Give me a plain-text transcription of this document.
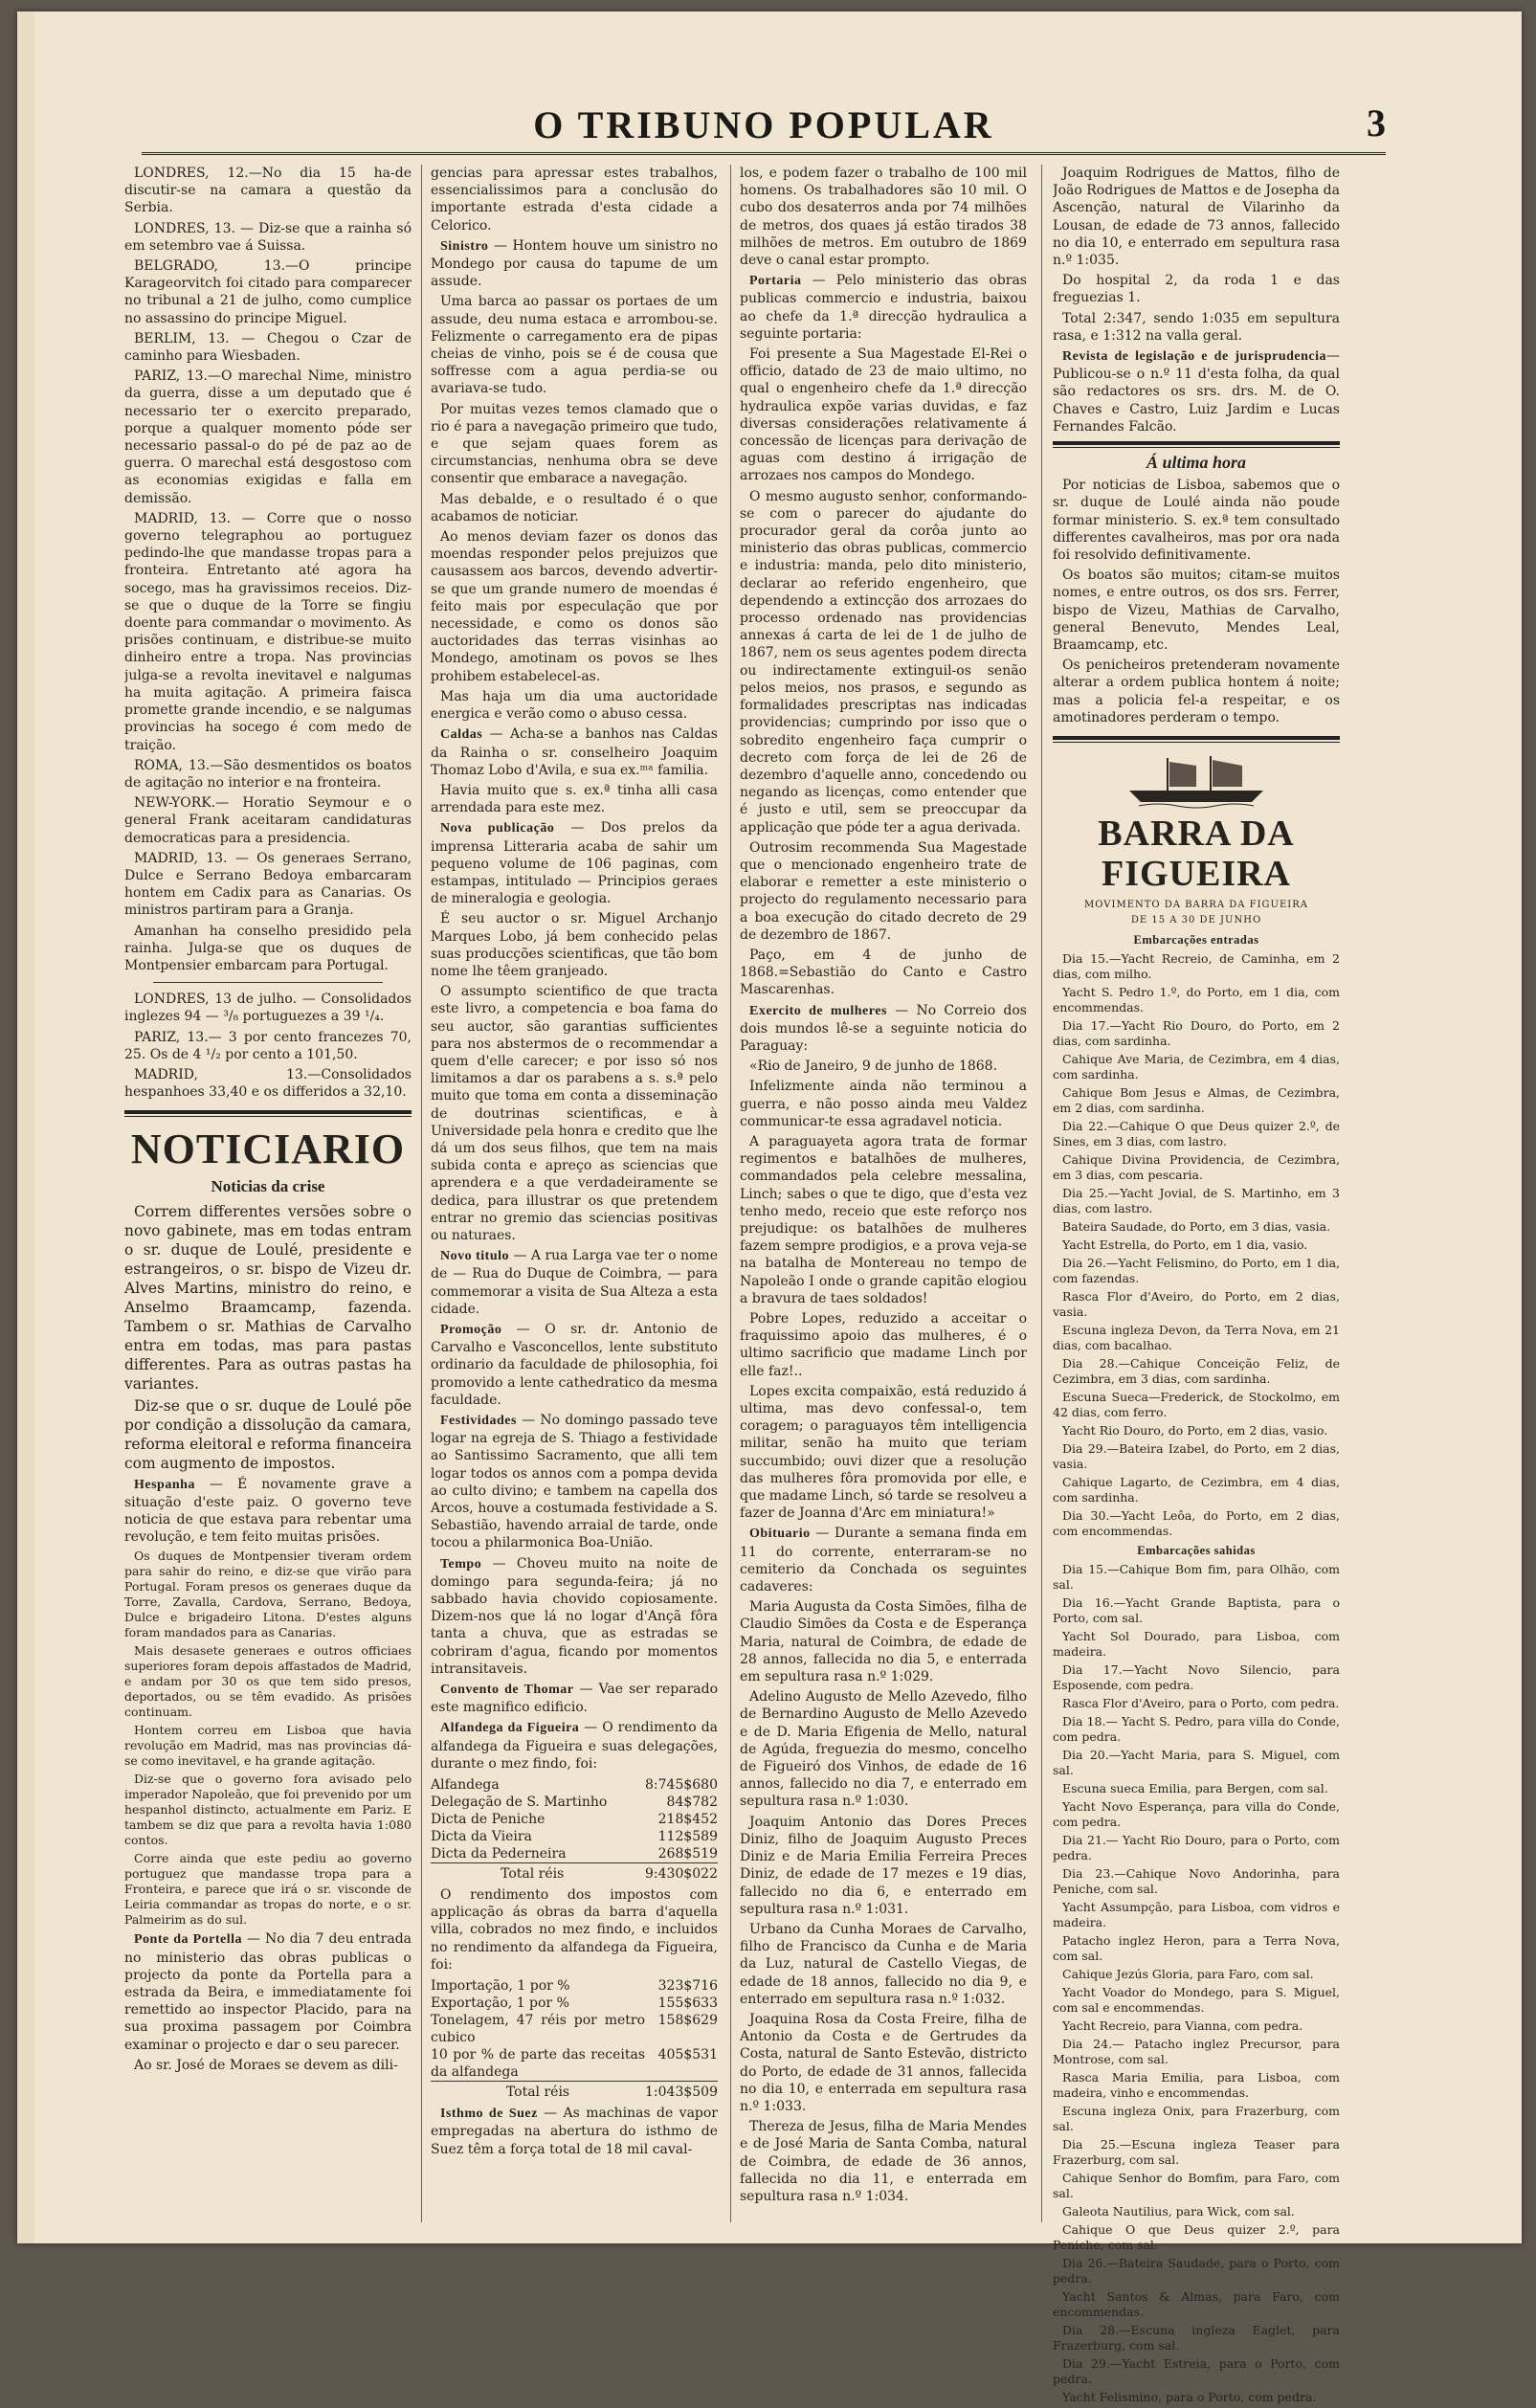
O TRIBUNO POPULAR	3

LONDRES, 12.—No dia 15 ha-de discutir-se na camara a questão da Serbia.

LONDRES, 13. — Diz-se que a rainha só em setembro vae á Suissa.

BELGRADO, 13.—O principe Karageorvitch foi citado para comparecer no tribunal a 21 de julho, como cumplice no assassino do principe Miguel.

BERLIM, 13. — Chegou o Czar de caminho para Wiesbaden.

PARIZ, 13.—O marechal Nime, ministro da guerra, disse a um deputado que é necessario ter o exercito preparado, porque a qualquer momento póde ser necessario passal-o do pé de paz ao de guerra. O marechal está desgostoso com as economias exigidas e falla em demissão.

MADRID, 13. — Corre que o nosso governo telegraphou ao portuguez pedindo-lhe que mandasse tropas para a fronteira. Entretanto até agora ha socego, mas ha gravissimos receios. Diz-se que o duque de la Torre se fingiu doente para commandar o movimento. As prisões continuam, e distribue-se muito dinheiro entre a tropa. Nas provincias julga-se a revolta inevitavel e nalgumas ha muita agitação. A primeira faisca promette grande incendio, e se nalgumas provincias ha socego é com medo de traição.

ROMA, 13.—São desmentidos os boatos de agitação no interior e na fronteira.

NEW-YORK.— Horatio Seymour e o general Frank aceitaram candidaturas democraticas para a presidencia.

MADRID, 13. — Os generaes Serrano, Dulce e Serrano Bedoya embarcaram hontem em Cadix para as Canarias. Os ministros partiram para a Granja.

Amanhan ha conselho presidido pela rainha. Julga-se que os duques de Montpensier embarcam para Portugal.

LONDRES, 13 de julho. — Consolidados inglezes 94 — ³/₈ portuguezes a 39 ¹/₄.

PARIZ, 13.— 3 por cento francezes 70, 25. Os de 4 ¹/₂ por cento a 101,50.

MADRID, 13.—Consolidados hespanhoes 33,40 e os differidos a 32,10.

NOTICIARIO
Noticias da crise

Correm differentes versões sobre o novo gabinete, mas em todas entram o sr. duque de Loulé, presidente e estrangeiros, o sr. bispo de Vizeu dr. Alves Martins, ministro do reino, e Anselmo Braamcamp, fazenda. Tambem o sr. Mathias de Carvalho entra em todas, mas para pastas differentes. Para as outras pastas ha variantes.

Diz-se que o sr. duque de Loulé põe por condição a dissolução da camara, reforma eleitoral e reforma financeira com augmento de impostos.

Hespanha — É novamente grave a situação d'este paiz. O governo teve noticia de que estava para rebentar uma revolução, e tem feito muitas prisões.

Os duques de Montpensier tiveram ordem para sahir do reino, e diz-se que virão para Portugal. Foram presos os generaes duque da Torre, Zavalla, Cardova, Serrano, Bedoya, Dulce e brigadeiro Litona. D'estes alguns foram mandados para as Canarias.

Mais desasete generaes e outros officiaes superiores foram depois affastados de Madrid, e andam por 30 os que tem sido presos, deportados, ou se têm evadido. As prisões continuam.

Hontem correu em Lisboa que havia revolução em Madrid, mas nas provincias dá-se como inevitavel, e ha grande agitação.

Diz-se que o governo fora avisado pelo imperador Napoleão, que foi prevenido por um hespanhol distincto, actualmente em Pariz. E tambem se diz que para a revolta havia 1:080 contos.

Corre ainda que este pediu ao governo portuguez que mandasse tropa para a Fronteira, e parece que irá o sr. visconde de Leiria commandar as tropas do norte, e o sr. Palmeirim as do sul.

Ponte da Portella — No dia 7 deu entrada no ministerio das obras publicas o projecto da ponte da Portella para a estrada da Beira, e immediatamente foi remettido ao inspector Placido, para na sua proxima passagem por Coimbra examinar o projecto e dar o seu parecer.

Ao sr. José de Moraes se devem as dili-

gencias para apressar estes trabalhos, essencialissimos para a conclusão do importante estrada d'esta cidade a Celorico.

Sinistro — Hontem houve um sinistro no Mondego por causa do tapume de um assude.

Uma barca ao passar os portaes de um assude, deu numa estaca e arrombou-se. Felizmente o carregamento era de pipas cheias de vinho, pois se é de cousa que soffresse com a agua perdia-se ou avariava-se tudo.

Por muitas vezes temos clamado que o rio é para a navegação primeiro que tudo, e que sejam quaes forem as circumstancias, nenhuma obra se deve consentir que embarace a navegação.

Mas debalde, e o resultado é o que acabamos de noticiar.

Ao menos deviam fazer os donos das moendas responder pelos prejuizos que causassem aos barcos, devendo advertir-se que um grande numero de moendas é feito mais por especulação que por necessidade, e como os donos são auctoridades das terras visinhas ao Mondego, amotinam os povos se lhes prohibem estabelecel-as.

Mas haja um dia uma auctoridade energica e verão como o abuso cessa.

Caldas — Acha-se a banhos nas Caldas da Rainha o sr. conselheiro Joaquim Thomaz Lobo d'Avila, e sua ex.ᵐᵃ familia.

Havia muito que s. ex.ª tinha alli casa arrendada para este mez.

Nova publicação — Dos prelos da imprensa Litteraria acaba de sahir um pequeno volume de 106 paginas, com estampas, intitulado — Principios geraes de mineralogia e geologia.

É seu auctor o sr. Miguel Archanjo Marques Lobo, já bem conhecido pelas suas producções scientificas, que tão bom nome lhe têem granjeado.

O assumpto scientifico de que tracta este livro, a competencia e boa fama do seu auctor, são garantias sufficientes para nos abstermos de o recommendar a quem d'elle carecer; e por isso só nos limitamos a dar os parabens a s. s.ª pelo muito que toma em conta a disseminação de doutrinas scientificas, e à Universidade pela honra e credito que lhe dá um dos seus filhos, que tem na mais subida conta e apreço as sciencias que aprendera e a que verdadeiramente se dedica, para illustrar os que pretendem entrar no gremio das sciencias positivas ou naturaes.

Novo titulo — A rua Larga vae ter o nome de — Rua do Duque de Coimbra, — para commemorar a visita de Sua Alteza a esta cidade.

Promoção — O sr. dr. Antonio de Carvalho e Vasconcellos, lente substituto ordinario da faculdade de philosophia, foi promovido a lente cathedratico da mesma faculdade.

Festividades — No domingo passado teve logar na egreja de S. Thiago a festividade ao Santissimo Sacramento, que alli tem logar todos os annos com a pompa devida ao culto divino; e tambem na capella dos Arcos, houve a costumada festividade a S. Sebastião, havendo arraial de tarde, onde tocou a philarmonica Boa-União.

Tempo — Choveu muito na noite de domingo para segunda-feira; já no sabbado havia chovido copiosamente. Dizem-nos que lá no logar d'Ançã fôra tanta a chuva, que as estradas se cobriram d'agua, ficando por momentos intransitaveis.

Convento de Thomar — Vae ser reparado este magnifico edificio.

Alfandega da Figueira — O rendimento da alfandega da Figueira e suas delegações, durante o mez findo, foi:

Alfandega	8:745$680
Delegação de S. Martinho	84$782
Dicta de Peniche	218$452
Dicta da Vieira	112$589
Dicta da Pederneira	268$519
Total réis	9:430$022

O rendimento dos impostos com applicação ás obras da barra d'aquella villa, cobrados no mez findo, e incluidos no rendimento da alfandega da Figueira, foi:

Importação, 1 por %	323$716
Exportação, 1 por %	155$633
Tonelagem, 47 réis por metro cubico	158$629
10 por % de parte das receitas da alfandega	405$531
Total réis	1:043$509

Isthmo de Suez — As machinas de vapor empregadas na abertura do isthmo de Suez têm a força total de 18 mil caval-

los, e podem fazer o trabalho de 100 mil homens. Os trabalhadores são 10 mil. O cubo dos desaterros anda por 74 milhões de metros, dos quaes já estão tirados 38 milhões de metros. Em outubro de 1869 deve o canal estar prompto.

Portaria — Pelo ministerio das obras publicas commercio e industria, baixou ao chefe da 1.ª direcção hydraulica a seguinte portaria:

Foi presente a Sua Magestade El-Rei o officio, datado de 23 de maio ultimo, no qual o engenheiro chefe da 1.ª direcção hydraulica expõe varias duvidas, e faz diversas considerações relativamente á concessão de licenças para derivação de aguas com destino á irrigação de arrozaes nos campos do Mondego.

O mesmo augusto senhor, conformando-se com o parecer do ajudante do procurador geral da corôa junto ao ministerio das obras publicas, commercio e industria: manda, pelo dito ministerio, declarar ao referido engenheiro, que dependendo a extincção dos arrozaes do processo ordenado nas providencias annexas á carta de lei de 1 de julho de 1867, nem os seus agentes podem directa ou indirectamente extinguil-os senão pelos meios, nos prasos, e segundo as formalidades prescriptas nas indicadas providencias; cumprindo por isso que o sobredito engenheiro faça cumprir o decreto com força de lei de 26 de dezembro d'aquelle anno, concedendo ou negando as licenças, como entender que é justo e util, sem se preoccupar da applicação que póde ter a agua derivada.

Outrosim recommenda Sua Magestade que o mencionado engenheiro trate de elaborar e remetter a este ministerio o projecto do regulamento necessario para a boa execução do citado decreto de 29 de dezembro de 1867.

Paço, em 4 de junho de 1868.=Sebastião do Canto e Castro Mascarenhas.

Exercito de mulheres — No Correio dos dois mundos lê-se a seguinte noticia do Paraguay:

«Rio de Janeiro, 9 de junho de 1868.

Infelizmente ainda não terminou a guerra, e não posso ainda meu Valdez communicar-te essa agradavel noticia.

A paraguayeta agora trata de formar regimentos e batalhões de mulheres, commandados pela celebre messalina, Linch; sabes o que te digo, que d'esta vez tenho medo, receio que este reforço nos prejudique: os batalhões de mulheres fazem sempre prodigios, e a prova veja-se na batalha de Montereau no tempo de Napoleão I onde o grande capitão elogiou a bravura de taes soldados!

Pobre Lopes, reduzido a acceitar o fraquissimo apoio das mulheres, é o ultimo sacrificio que madame Linch por elle faz!..

Lopes excita compaixão, está reduzido á ultima, mas devo confessal-o, tem coragem; o paraguayos têm intelligencia militar, senão ha muito que teriam succumbido; ouvi dizer que a resolução das mulheres fôra promovida por elle, e que madame Linch, só tarde se resolveu a fazer de Joanna d'Arc em miniatura!»

Obituario — Durante a semana finda em 11 do corrente, enterraram-se no cemiterio da Conchada os seguintes cadaveres:

Maria Augusta da Costa Simões, filha de Claudio Simões da Costa e de Esperança Maria, natural de Coimbra, de edade de 28 annos, fallecida no dia 5, e enterrada em sepultura rasa n.º 1:029.

Adelino Augusto de Mello Azevedo, filho de Bernardino Augusto de Mello Azevedo e de D. Maria Efigenia de Mello, natural de Agúda, freguezia do mesmo, concelho de Figueiró dos Vinhos, de edade de 16 annos, fallecido no dia 7, e enterrado em sepultura rasa n.º 1:030.

Joaquim Antonio das Dores Preces Diniz, filho de Joaquim Augusto Preces Diniz e de Maria Emilia Ferreira Preces Diniz, de edade de 17 mezes e 19 dias, fallecido no dia 6, e enterrado em sepultura rasa n.º 1:031.

Urbano da Cunha Moraes de Carvalho, filho de Francisco da Cunha e de Maria da Luz, natural de Castello Viegas, de edade de 18 annos, fallecido no dia 9, e enterrado em sepultura rasa n.º 1:032.

Joaquina Rosa da Costa Freire, filha de Antonio da Costa e de Gertrudes da Costa, natural de Santo Estevão, districto do Porto, de edade de 31 annos, fallecida no dia 10, e enterrada em sepultura rasa n.º 1:033.

Thereza de Jesus, filha de Maria Mendes e de José Maria de Santa Comba, natural de Coimbra, de edade de 36 annos, fallecida no dia 11, e enterrada em sepultura rasa n.º 1:034.

Joaquim Rodrigues de Mattos, filho de João Rodrigues de Mattos e de Josepha da Ascenção, natural de Vilarinho da Lousan, de edade de 73 annos, fallecido no dia 10, e enterrado em sepultura rasa n.º 1:035.

Do hospital 2, da roda 1 e das freguezias 1.

Total 2:347, sendo 1:035 em sepultura rasa, e 1:312 na valla geral.

Revista de legislação e de jurisprudencia—Publicou-se o n.º 11 d'esta folha, da qual são redactores os srs. drs. M. de O. Chaves e Castro, Luiz Jardim e Lucas Fernandes Falcão.

Á ultima hora

Por noticias de Lisboa, sabemos que o sr. duque de Loulé ainda não poude formar ministerio. S. ex.ª tem consultado differentes cavalheiros, mas por ora nada foi resolvido definitivamente.

Os boatos são muitos; citam-se muitos nomes, e entre outros, os dos srs. Ferrer, bispo de Vizeu, Mathias de Carvalho, general Benevuto, Mendes Leal, Braamcamp, etc.

Os penicheiros pretenderam novamente alterar a ordem publica hontem á noite; mas a policia fel-a respeitar, e os amotinadores perderam o tempo.

BARRA DA FIGUEIRA
MOVIMENTO DA BARRA DA FIGUEIRA
DE 15 A 30 DE JUNHO
Embarcações entradas

Dia 15.—Yacht Recreio, de Caminha, em 2 dias, com milho.

Yacht S. Pedro 1.º, do Porto, em 1 dia, com encommendas.

Dia 17.—Yacht Rio Douro, do Porto, em 2 dias, com sardinha.

Cahique Ave Maria, de Cezimbra, em 4 dias, com sardinha.

Cahique Bom Jesus e Almas, de Cezimbra, em 2 dias, com sardinha.

Dia 22.—Cahique O que Deus quizer 2.º, de Sines, em 3 dias, com lastro.

Cahique Divina Providencia, de Cezimbra, em 3 dias, com pescaria.

Dia 25.—Yacht Jovial, de S. Martinho, em 3 dias, com lastro.

Bateira Saudade, do Porto, em 3 dias, vasia.

Yacht Estrella, do Porto, em 1 dia, vasio.

Dia 26.—Yacht Felismino, do Porto, em 1 dia, com fazendas.

Rasca Flor d'Aveiro, do Porto, em 2 dias, vasia.

Escuna ingleza Devon, da Terra Nova, em 21 dias, com bacalhao.

Dia 28.—Cahique Conceição Feliz, de Cezimbra, em 3 dias, com sardinha.

Escuna Sueca—Frederick, de Stockolmo, em 42 dias, com ferro.

Yacht Rio Douro, do Porto, em 2 dias, vasio.

Dia 29.—Bateira Izabel, do Porto, em 2 dias, vasia.

Cahique Lagarto, de Cezimbra, em 4 dias, com sardinha.

Dia 30.—Yacht Leôa, do Porto, em 2 dias, com encommendas.

Embarcações sahidas

Dia 15.—Cahique Bom fim, para Olhão, com sal.

Dia 16.—Yacht Grande Baptista, para o Porto, com sal.

Yacht Sol Dourado, para Lisboa, com madeira.

Dia 17.—Yacht Novo Silencio, para Esposende, com pedra.

Rasca Flor d'Aveiro, para o Porto, com pedra.

Dia 18.— Yacht S. Pedro, para villa do Conde, com pedra.

Dia 20.—Yacht Maria, para S. Miguel, com sal.

Escuna sueca Emilia, para Bergen, com sal.

Yacht Novo Esperança, para villa do Conde, com pedra.

Dia 21.— Yacht Rio Douro, para o Porto, com pedra.

Dia 23.—Cahique Novo Andorinha, para Peniche, com sal.

Yacht Assumpção, para Lisboa, com vidros e madeira.

Patacho inglez Heron, para a Terra Nova, com sal.

Cahique Jezús Gloria, para Faro, com sal.

Yacht Voador do Mondego, para S. Miguel, com sal e encommendas.

Yacht Recreio, para Vianna, com pedra.

Dia 24.— Patacho inglez Precursor, para Montrose, com sal.

Rasca Maria Emilia, para Lisboa, com madeira, vinho e encommendas.

Escuna ingleza Onix, para Frazerburg, com sal.

Dia 25.—Escuna ingleza Teaser para Frazerburg, com sal.

Cahique Senhor do Bomfim, para Faro, com sal.

Galeota Nautilius, para Wick, com sal.

Cahique O que Deus quizer 2.º, para Peniche, com sal.

Dia 26.—Bateira Saudade, para o Porto, com pedra.

Yacht Santos & Almas, para Faro, com encommendas.

Dia 28.—Escuna ingleza Eaglet, para Frazerburg, com sal.

Dia 29.—Yacht Estreia, para o Porto, com pedra.

Yacht Felismino, para o Porto, com pedra.
